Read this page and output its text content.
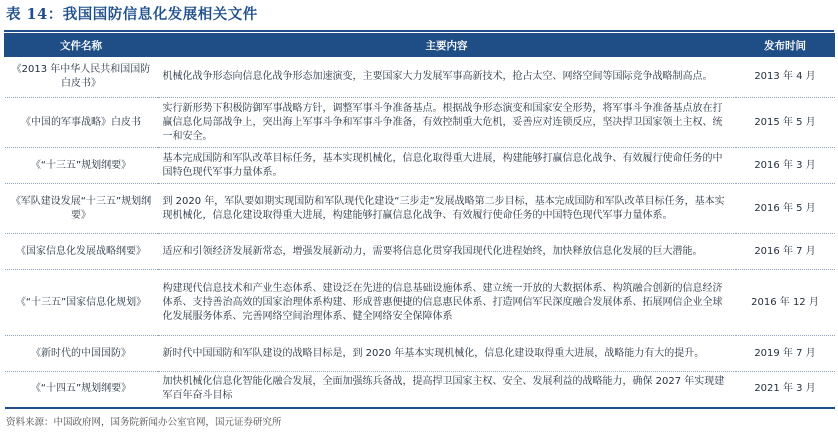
表 14：我国国防信息化发展相关文件
文件名称	主要内容	发布时间
《2013 年中华人民共和国国防白皮书》	机械化战争形态向信息化战争形态加速演变，主要国家大力发展军事高新技术，抢占太空、网络空间等国际竞争战略制高点。	2013 年 4 月
《中国的军事战略》白皮书	实行新形势下积极防御军事战略方针，调整军事斗争准备基点。根据战争形态演变和国家安全形势，将军事斗争准备基点放在打赢信息化局部战争上，突出海上军事斗争和军事斗争准备，有效控制重大危机，妥善应对连锁反应，坚决捍卫国家领土主权、统一和安全。	2015 年 5 月
《“十三五”规划纲要》	基本完成国防和军队改革目标任务，基本实现机械化，信息化取得重大进展，构建能够打赢信息化战争、有效履行使命任务的中国特色现代军事力量体系。	2016 年 3 月
《军队建设发展“十三五”规划纲要》	到 2020 年，军队要如期实现国防和军队现代化建设“三步走”发展战略第二步目标，基本完成国防和军队改革目标任务，基本实现机械化，信息化建设取得重大进展，构建能够打赢信息化战争、有效履行使命任务的中国特色现代军事力量体系。	2016 年 5 月
《国家信息化发展战略纲要》	适应和引领经济发展新常态，增强发展新动力，需要将信息化贯穿我国现代化进程始终，加快释放信息化发展的巨大潜能。	2016 年 7 月
《“十三五”国家信息化规划》	构建现代信息技术和产业生态体系、建设泛在先进的信息基础设施体系、建立统一开放的大数据体系、构筑融合创新的信息经济体系、支持善治高效的国家治理体系构建、形成普惠便捷的信息惠民体系、打造网信军民深度融合发展体系、拓展网信企业全球化发展服务体系、完善网络空间治理体系、健全网络安全保障体系	2016 年 12 月
《新时代的中国国防》	新时代中国国防和军队建设的战略目标是，到 2020 年基本实现机械化，信息化建设取得重大进展，战略能力有大的提升。	2019 年 7 月
《“十四五”规划纲要》	加快机械化信息化智能化融合发展，全面加强练兵备战，提高捍卫国家主权、安全、发展利益的战略能力，确保 2027 年实现建军百年奋斗目标	2021 年 3 月
资料来源：中国政府网，国务院新闻办公室官网，国元证券研究所
